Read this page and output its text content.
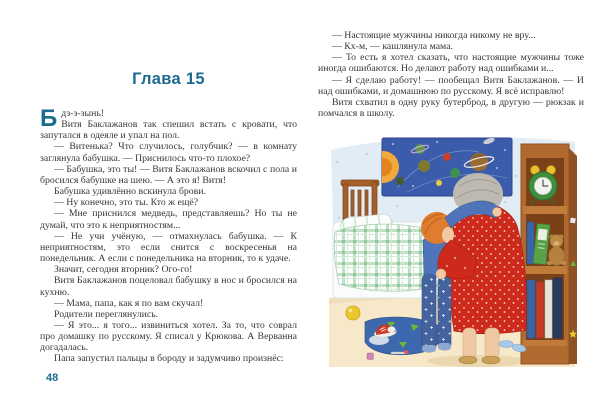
Глава 15

Б дз-з-зынь!
Витя Баклажанов так спешил встать с кровати, что запутался в одеяле и упал на пол.

— Витенька? Что случилось, голубчик? — в комнату заглянула бабушка. — Приснилось что-то плохое?

— Бабушка, это ты! — Витя Баклажанов вскочил с пола и бросился бабушке на шею. — А это я! Витя!

Бабушка удивлённо вскинула брови.

— Ну конечно, это ты. Кто ж ещё?

— Мне приснился медведь, представляешь? Но ты не думай, что это к неприятностям...

— Не учи учёную, — отмахнулась бабушка. — К неприятностям, это если снится с воскресенья на понедельник. А если с понедельника на вторник, то к удаче.

Значит, сегодня вторник? Ого-го!

Витя Баклажанов поцеловал бабушку в нос и бросился на кухню.

— Мама, папа, как я по вам скучал!

Родители переглянулись.

— Я это... я того... извиниться хотел. За то, что соврал про домашку по русскому. Я списал у Крюкова. А Верванна догадалась.

Папа запустил пальцы в бороду и задумчиво произнёс:

48

— Настоящие мужчины никогда никому не вру...

— Кх-м, — кашлянула мама.

— То есть я хотел сказать, что настоящие мужчины тоже иногда ошибаются. Но делают работу над ошибками и...

— Я сделаю работу! — пообещал Витя Баклажанов. — И над ошибками, и домашнюю по русскому. Я всё исправлю!

Витя схватил в одну руку бутерброд, в другую — рюкзак и помчался в школу.
